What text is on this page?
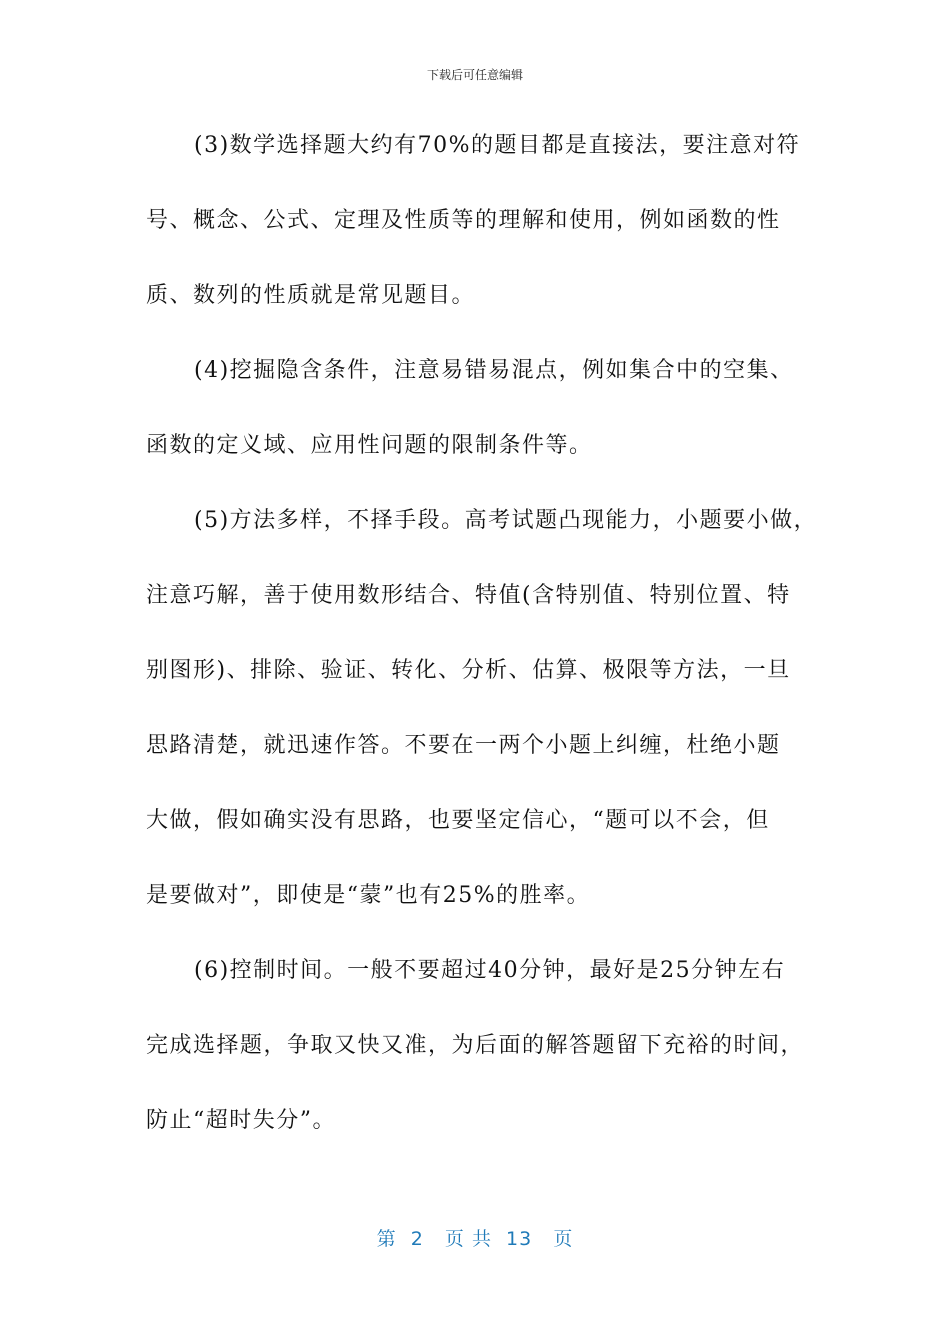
下载后可任意编辑
(3)数学选择题大约有70%的题目都是直接法，要注意对符
号、概念、公式、定理及性质等的理解和使用，例如函数的性
质、数列的性质就是常见题目。
(4)挖掘隐含条件，注意易错易混点，例如集合中的空集、
函数的定义域、应用性问题的限制条件等。
(5)方法多样，不择手段。高考试题凸现能力，小题要小做，
注意巧解，善于使用数形结合、特值(含特别值、特别位置、特
别图形)、排除、验证、转化、分析、估算、极限等方法，一旦
思路清楚，就迅速作答。不要在一两个小题上纠缠，杜绝小题
大做，假如确实没有思路，也要坚定信心，“题可以不会，但
是要做对”，即使是“蒙”也有25%的胜率。
(6)控制时间。一般不要超过40分钟，最好是25分钟左右
完成选择题，争取又快又准，为后面的解答题留下充裕的时间，
防止“超时失分”。
第  2   页 共  13   页
